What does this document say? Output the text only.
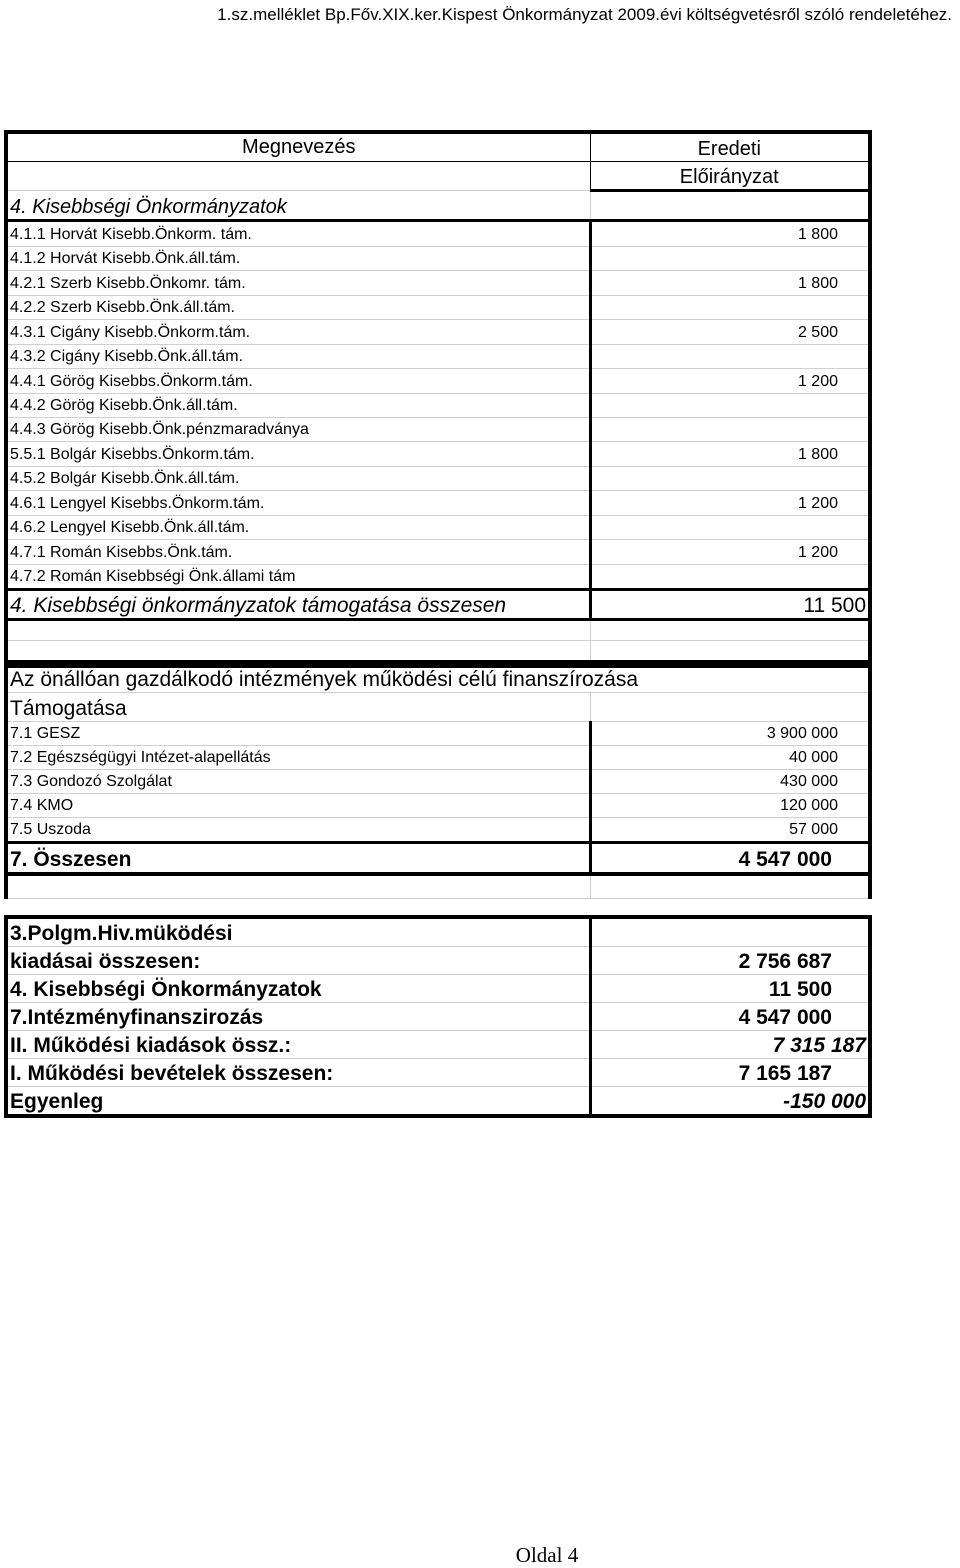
1.sz.melléklet Bp.Főv.XIX.ker.Kispest Önkormányzat 2009.évi költségvetésről szóló rendeletéhez.
Megnevezés	Eredeti
	Előirányzat
4. Kisebbségi Önkormányzatok	
4.1.1 Horvát Kisebb.Önkorm. tám.	1 800
4.1.2 Horvát Kisebb.Önk.áll.tám.	
4.2.1 Szerb Kisebb.Önkomr. tám.	1 800
4.2.2 Szerb Kisebb.Önk.áll.tám.	
4.3.1 Cigány Kisebb.Önkorm.tám.	2 500
4.3.2 Cigány Kisebb.Önk.áll.tám.	
4.4.1 Görög Kisebbs.Önkorm.tám.	1 200
4.4.2 Görög Kisebb.Önk.áll.tám.	
4.4.3 Görög Kisebb.Önk.pénzmaradványa	
5.5.1 Bolgár Kisebbs.Önkorm.tám.	1 800
4.5.2 Bolgár Kisebb.Önk.áll.tám.	
4.6.1 Lengyel Kisebbs.Önkorm.tám.	1 200
4.6.2 Lengyel Kisebb.Önk.áll.tám.	
4.7.1 Román Kisebbs.Önk.tám.	1 200
4.7.2 Román Kisebbségi Önk.állami tám	
4. Kisebbségi önkormányzatok támogatása összesen	11 500

Az önállóan gazdálkodó intézmények működési célú finanszírozása	
Támogatása	
7.1 GESZ	3 900 000
7.2 Egészségügyi Intézet-alapellátás	40 000
7.3 Gondozó Szolgálat	430 000
7.4 KMO	120 000
7.5 Uszoda	57 000
7. Összesen	4 547 000

3.Polgm.Hiv.müködési	
kiadásai összesen:	2 756 687
4. Kisebbségi Önkormányzatok	11 500
7.Intézményfinanszirozás	4 547 000
II. Működési kiadások össz.:	7 315 187
I. Működési bevételek összesen:	7 165 187
Egyenleg	-150 000
Oldal 4
